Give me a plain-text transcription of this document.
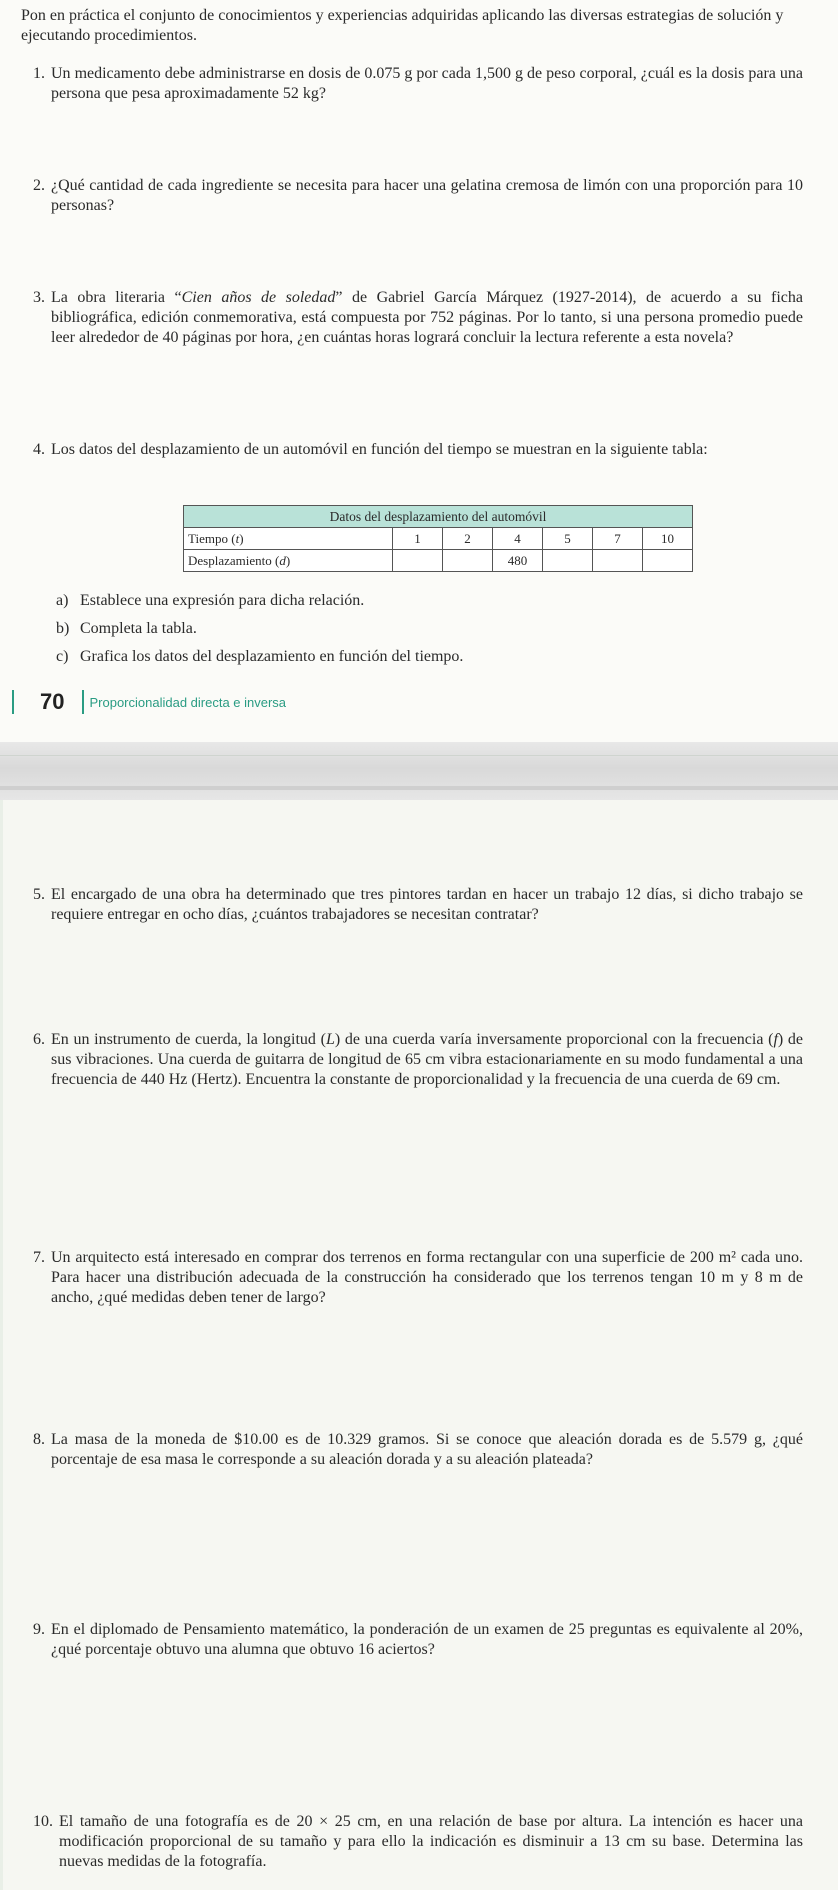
Pon en práctica el conjunto de conocimientos y experiencias adquiridas aplicando las diversas estrategias de solución y ejecutando procedimientos.
1. Un medicamento debe administrarse en dosis de 0.075 g por cada 1,500 g de peso corporal, ¿cuál es la dosis para una persona que pesa aproximadamente 52 kg?
2. ¿Qué cantidad de cada ingrediente se necesita para hacer una gelatina cremosa de limón con una proporción para 10 personas?
3. La obra literaria “Cien años de soledad” de Gabriel García Márquez (1927-2014), de acuerdo a su ficha bibliográfica, edición conmemorativa, está compuesta por 752 páginas. Por lo tanto, si una persona promedio puede leer alrededor de 40 páginas por hora, ¿en cuántas horas logrará concluir la lectura referente a esta novela?
4. Los datos del desplazamiento de un automóvil en función del tiempo se muestran en la siguiente tabla:
Datos del desplazamiento del automóvil						
Tiempo (t)	1	2	4	5	7	10
Desplazamiento (d)			480			
a) Establece una expresión para dicha relación.
b) Completa la tabla.
c) Grafica los datos del desplazamiento en función del tiempo.
70 Proporcionalidad directa e inversa
5. El encargado de una obra ha determinado que tres pintores tardan en hacer un trabajo 12 días, si dicho trabajo se requiere entregar en ocho días, ¿cuántos trabajadores se necesitan contratar?
6. En un instrumento de cuerda, la longitud (L) de una cuerda varía inversamente proporcional con la frecuencia (f) de sus vibraciones. Una cuerda de guitarra de longitud de 65 cm vibra estacionariamente en su modo fundamental a una frecuencia de 440 Hz (Hertz). Encuentra la constante de proporcionalidad y la frecuencia de una cuerda de 69 cm.
7. Un arquitecto está interesado en comprar dos terrenos en forma rectangular con una superficie de 200 m² cada uno. Para hacer una distribución adecuada de la construcción ha considerado que los terrenos tengan 10 m y 8 m de ancho, ¿qué medidas deben tener de largo?
8. La masa de la moneda de $10.00 es de 10.329 gramos. Si se conoce que aleación dorada es de 5.579 g, ¿qué porcentaje de esa masa le corresponde a su aleación dorada y a su aleación plateada?
9. En el diplomado de Pensamiento matemático, la ponderación de un examen de 25 preguntas es equivalente al 20%, ¿qué porcentaje obtuvo una alumna que obtuvo 16 aciertos?
10. El tamaño de una fotografía es de 20 × 25 cm, en una relación de base por altura. La intención es hacer una modificación proporcional de su tamaño y para ello la indicación es disminuir a 13 cm su base. Determina las nuevas medidas de la fotografía.
